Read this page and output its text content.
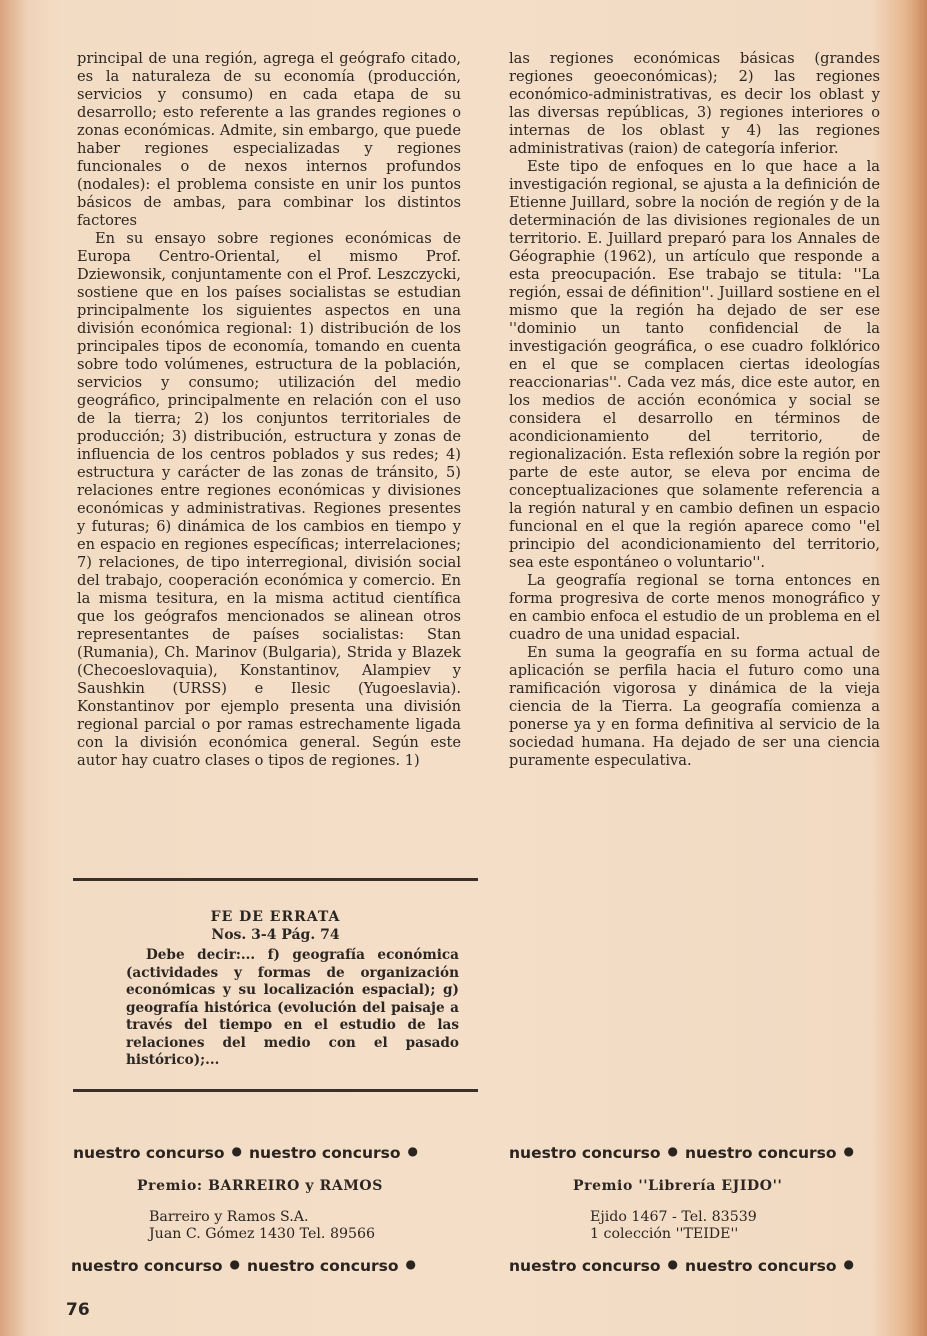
principal de una región, agrega el geógrafo citado, es la naturaleza de su economía (producción, servicios y consumo) en cada etapa de su desarrollo; esto referente a las grandes regiones o zonas económicas. Admite, sin embargo, que puede haber regiones especializadas y regiones funcionales o de nexos internos profundos (nodales): el problema consiste en unir los puntos básicos de ambas, para combinar los distintos factores

En su ensayo sobre regiones económicas de Europa Centro-Oriental, el mismo Prof. Dziewonsik, conjuntamente con el Prof. Leszczycki, sostiene que en los países socialistas se estudian principalmente los siguientes aspectos en una división económica regional: 1) distribución de los principales tipos de economía, tomando en cuenta sobre todo volúmenes, estructura de la población, servicios y consumo; utilización del medio geográfico, principalmente en relación con el uso de la tierra; 2) los conjuntos territoriales de producción; 3) distribución, estructura y zonas de influencia de los centros poblados y sus redes; 4) estructura y carácter de las zonas de tránsito, 5) relaciones entre regiones económicas y divisiones económicas y administrativas. Regiones presentes y futuras; 6) dinámica de los cambios en tiempo y en espacio en regiones específicas; interrelaciones; 7) relaciones, de tipo interregional, división social del trabajo, cooperación económica y comercio. En la misma tesitura, en la misma actitud científica que los geógrafos mencionados se alinean otros representantes de países socialistas: Stan (Rumania), Ch. Marinov (Bulgaria), Strida y Blazek (Checoeslovaquia), Konstantinov, Alampiev y Saushkin (URSS) e Ilesic (Yugoeslavia). Konstantinov por ejemplo presenta una división regional parcial o por ramas estrechamente ligada con la división económica general. Según este autor hay cuatro clases o tipos de regiones. 1)

las regiones económicas básicas (grandes regiones geoeconómicas); 2) las regiones económico-administrativas, es decir los oblast y las diversas repúblicas, 3) regiones interiores o internas de los oblast y 4) las regiones administrativas (raion) de categoría inferior.

Este tipo de enfoques en lo que hace a la investigación regional, se ajusta a la definición de Etienne Juillard, sobre la noción de región y de la determinación de las divisiones regionales de un territorio. E. Juillard preparó para los Annales de Géographie (1962), un artículo que responde a esta preocupación. Ese trabajo se titula: ''La región, essai de définition''. Juillard sostiene en el mismo que la región ha dejado de ser ese ''dominio un tanto confidencial de la investigación geográfica, o ese cuadro folklórico en el que se complacen ciertas ideologías reaccionarias''. Cada vez más, dice este autor, en los medios de acción económica y social se considera el desarrollo en términos de acondicionamiento del territorio, de regionalización. Esta reflexión sobre la región por parte de este autor, se eleva por encima de conceptualizaciones que solamente referencia a la región natural y en cambio definen un espacio funcional en el que la región aparece como ''el principio del acondicionamiento del territorio, sea este espontáneo o voluntario''.

La geografía regional se torna entonces en forma progresiva de corte menos monográfico y en cambio enfoca el estudio de un problema en el cuadro de una unidad espacial.

En suma la geografía en su forma actual de aplicación se perfila hacia el futuro como una ramificación vigorosa y dinámica de la vieja ciencia de la Tierra. La geografía comienza a ponerse ya y en forma definitiva al servicio de la sociedad humana. Ha dejado de ser una ciencia puramente especulativa.

FE DE ERRATA
Nos. 3-4 Pág. 74

Debe decir:... f) geografía económica (actividades y formas de organización económicas y su localización espacial); g) geografía histórica (evolución del paisaje a través del tiempo en el estudio de las relaciones del medio con el pasado histórico);...

nuestro concurso ● nuestro concurso ●
Premio: BARREIRO y RAMOS
Barreiro y Ramos S.A.
Juan C. Gómez 1430 Tel. 89566
nuestro concurso ● nuestro concurso ●
nuestro concurso ● nuestro concurso ●
Premio ''Librería EJIDO''
Ejido 1467 - Tel. 83539
1 colección ''TEIDE''
nuestro concurso ● nuestro concurso ●
76
